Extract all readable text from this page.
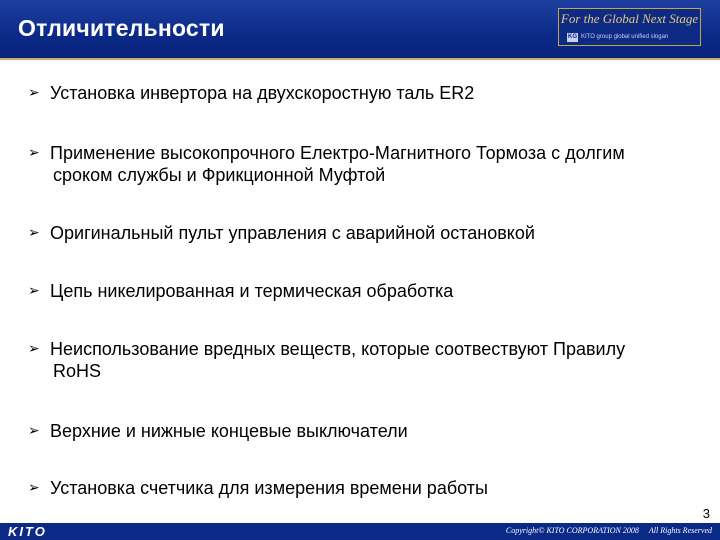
Отличительности	For the Global Next Stage
KG KITO group global unified slogan
➢ Установка инвертора на двухскоростную таль ER2
➢ Применение высокопрочного Електро-Магнитного Тормоза с долгим
сроком службы и Фрикционной Муфтой
➢ Оригинальный пульт управления с аварийной остановкой
➢ Цепь никелированная и термическая обработка
➢ Неиспользование вредных веществ, которые соотвествуют Правилу
RoHS
➢ Верхние и нижные концевые выключатели
➢ Установка счетчика для измерения времени работы
3
KITO	Copyright© KITO CORPORATION 2008 All Rights Reserved
